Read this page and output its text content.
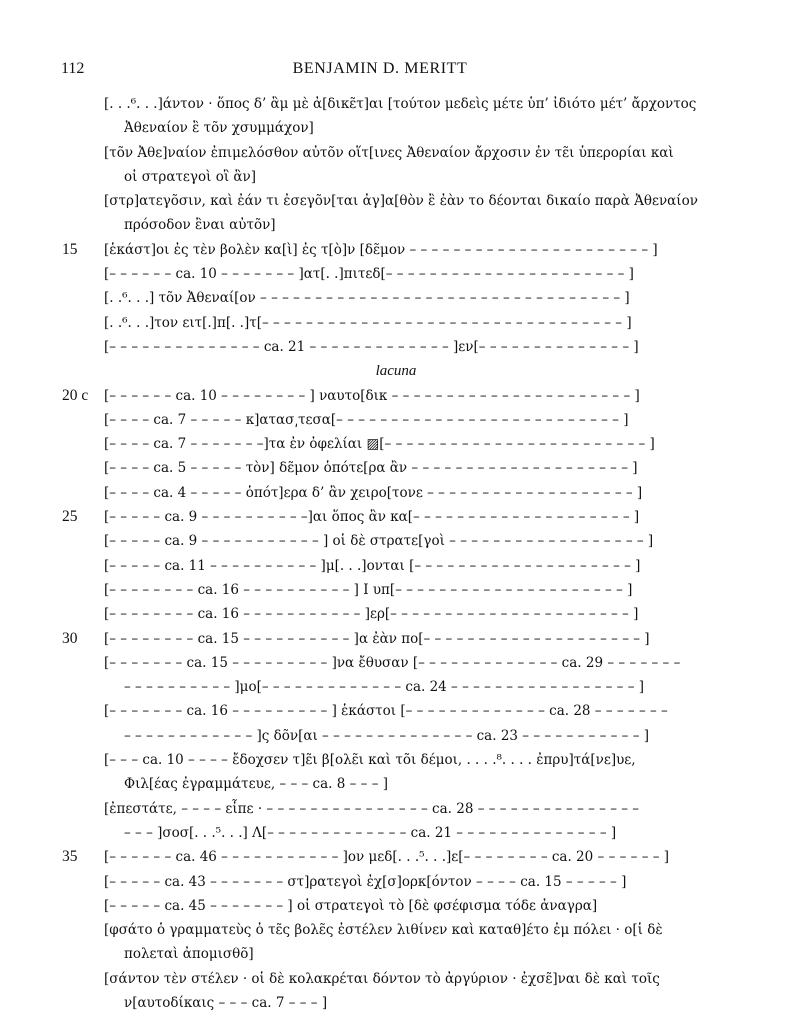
112	BENJAMIN D. MERITT
[. . .⁶. . .]άντον · ὅπος δ’ ἂμ μὲ ἀ[δικε̃τ]αι [τούτον μεδεὶς μέτε ὑπ’ ἰδιότο μέτ’ ἄρχοντος
Ἀθεναίον ἒ τõν χσυμμάχον]
[τõν Ἀθε]ναίον ἐπιμελόσθον αὐτõν οἵτ[ινες Ἀθεναίον ἄρχοσιν ἐν τε̃ι ὑπερορίαι καὶ
οἱ στρατεγοὶ οἳ ἂν]
[στρ]ατεγõσιν, καὶ ἐάν τι ἐσεγõν[ται ἀγ]α[θὸν ἒ ἐὰν το δέονται δικαίο παρὰ Ἀθεναίον
πρόσοδον ἒναι αὐτõν]
15	[ἑκάστ]οι ἐς τὲν βολὲν κα[ὶ] ἐς τ[ὸ]ν [δε̃μον – – – – – – – – – – – – – – – – – – – – – – ]
[– – – – – – ca. 10 – – – – – – – ]ατ[. .]πιτεδ[– – – – – – – – – – – – – – – – – – – – – – ]
[. .⁶. . .] τõν Ἀθεναί[ον – – – – – – – – – – – – – – – – – – – – – – – – – – – – – – – – – ]
[. .⁶. . .]τον ειτ[.]π[. .]τ[– – – – – – – – – – – – – – – – – – – – – – – – – – – – – – – – – ]
[– – – – – – – – – – – – – – ca. 21 – – – – – – – – – – – – – ]εν[– – – – – – – – – – – – – – ]
lacuna
20 c	[– – – – – – ca. 10 – – – – – – – – ] ναυτο[δικ – – – – – – – – – – – – – – – – – – – – – – ]
[– – – – ca. 7 – – – – – κ]ατασ͵τεσα[– – – – – – – – – – – – – – – – – – – – – – – – – – ]
[– – – – ca. 7 – – – – – – –]τα ἐν ὀφελίαι ▨[– – – – – – – – – – – – – – – – – – – – – – – – ]
[– – – – ca. 5 – – – – – τὸν] δε̃μον ὁπότε[ρα ἂν – – – – – – – – – – – – – – – – – – – – ]
[– – – – ca. 4 – – – – – ὁπότ]ερα δ’ ἂν χειρο[τονε – – – – – – – – – – – – – – – – – – – ]
25	[– – – – – ca. 9 – – – – – – – – – –]αι ὅπος ἂν κα[– – – – – – – – – – – – – – – – – – – – ]
[– – – – – ca. 9 – – – – – – – – – – – ] οἱ δὲ στρατε[γοὶ – – – – – – – – – – – – – – – – – – ]
[– – – – – ca. 11 – – – – – – – – – – ]μ[. . .]ονται [– – – – – – – – – – – – – – – – – – – – ]
[– – – – – – – – ca. 16 – – – – – – – – – – ] Ι υπ[– – – – – – – – – – – – – – – – – – – – – ]
[– – – – – – – – ca. 16 – – – – – – – – – – – ]ερ[– – – – – – – – – – – – – – – – – – – – – – ]
30	[– – – – – – – – ca. 15 – – – – – – – – – – ]α ἐὰν πο[– – – – – – – – – – – – – – – – – – – – ]
[– – – – – – – ca. 15 – – – – – – – – – ]να ἔθυσαν [– – – – – – – – – – – – – ca. 29 – – – – – – –
– – – – – – – – – – ]μο[– – – – – – – – – – – – – ca. 24 – – – – – – – – – – – – – – – – – ]
[– – – – – – – ca. 16 – – – – – – – – – ] ἑκάστοι [– – – – – – – – – – – – – ca. 28 – – – – – – –
– – – – – – – – – – – – ]ς δõν[αι – – – – – – – – – – – – – – ca. 23 – – – – – – – – – – – ]
[– – – ca. 10 – – – – ἔδοχσεν τ]ε̃ι β[ολε̃ι καὶ τõι δέμοι, . . . .⁸. . . . ἐπρυ]τά[νε]υε,
Φιλ[έας ἐγραμμάτευε, – – – ca. 8 – – – ]
[ἐπεστάτε, – – – – εἶπε · – – – – – – – – – – – – – – – ca. 28 – – – – – – – – – – – – – – –
– – – ]σοσ[. . .⁵. . .] Λ[– – – – – – – – – – – – – ca. 21 – – – – – – – – – – – – – – ]
35	[– – – – – – ca. 46 – – – – – – – – – – – ]ον μεδ[. . .⁵. . .]ε[– – – – – – – – ca. 20 – – – – – – ]
[– – – – – ca. 43 – – – – – – – στ]ρατεγοὶ ἐχ[σ]ορκ[όντον – – – – ca. 15 – – – – – ]
[– – – – – ca. 45 – – – – – – – ] οἱ στρατεγοὶ τὸ [δὲ φσέφισμα τόδε ἀναγρα]
[φσάτο ὁ γραμματεὺς ὁ τε̃ς βολε̃ς ἐστέλεν λιθίνεν καὶ καταθ]έτο ἐμ πόλει · ο[ἱ δὲ
πολεταὶ ἀπομισθõ]
[σάντον τὲν στέλεν · οἱ δὲ κολακρέται δόντον τὸ ἀργύριον · ἐχσε̃]ναι δὲ καὶ τοῖς
ν[αυτοδίκαις – – – ca. 7 – – – ]
